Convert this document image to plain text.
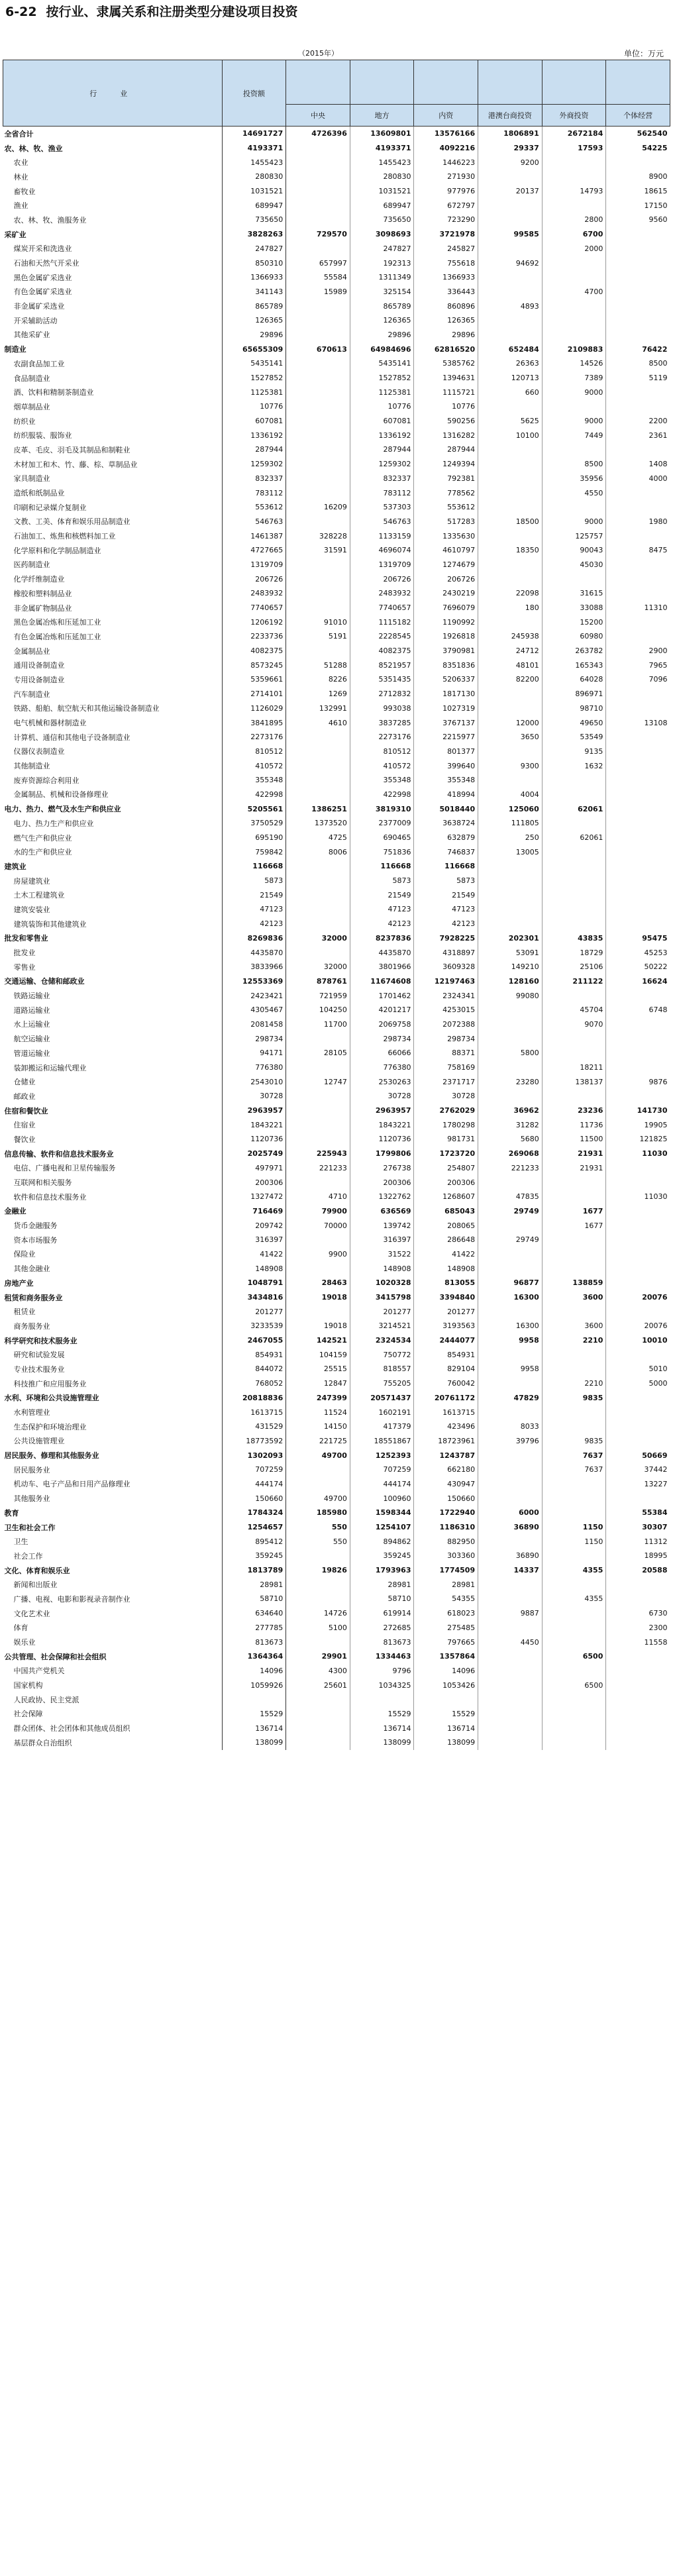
6-22 按行业、隶属关系和注册类型分建设项目投资
（2015年）	单位：万元
行　业	投资额						
		中央	地方	内资	港澳台商投资	外商投资	个体经营
全省合计	14691727	4726396	13609801	13576166	1806891	2672184	562540
农、林、牧、渔业	4193371		4193371	4092216	29337	17593	54225
农业	1455423		1455423	1446223	9200		
林业	280830		280830	271930			8900
畜牧业	1031521		1031521	977976	20137	14793	18615
渔业	689947		689947	672797			17150
农、林、牧、渔服务业	735650		735650	723290		2800	9560
采矿业	3828263	729570	3098693	3721978	99585	6700	
煤炭开采和洗选业	247827		247827	245827		2000	
石油和天然气开采业	850310	657997	192313	755618	94692		
黑色金属矿采选业	1366933	55584	1311349	1366933			
有色金属矿采选业	341143	15989	325154	336443		4700	
非金属矿采选业	865789		865789	860896	4893		
开采辅助活动	126365		126365	126365			
其他采矿业	29896		29896	29896			
制造业	65655309	670613	64984696	62816520	652484	2109883	76422
农副食品加工业	5435141		5435141	5385762	26363	14526	8500
食品制造业	1527852		1527852	1394631	120713	7389	5119
酒、饮料和精制茶制造业	1125381		1125381	1115721	660	9000	
烟草制品业	10776		10776	10776			
纺织业	607081		607081	590256	5625	9000	2200
纺织服装、服饰业	1336192		1336192	1316282	10100	7449	2361
皮革、毛皮、羽毛及其制品和制鞋业	287944		287944	287944			
木材加工和木、竹、藤、棕、草制品业	1259302		1259302	1249394		8500	1408
家具制造业	832337		832337	792381		35956	4000
造纸和纸制品业	783112		783112	778562		4550	
印刷和记录媒介复制业	553612	16209	537303	553612			
文教、工美、体育和娱乐用品制造业	546763		546763	517283	18500	9000	1980
石油加工、炼焦和核燃料加工业	1461387	328228	1133159	1335630		125757	
化学原料和化学制品制造业	4727665	31591	4696074	4610797	18350	90043	8475
医药制造业	1319709		1319709	1274679		45030	
化学纤维制造业	206726		206726	206726			
橡胶和塑料制品业	2483932		2483932	2430219	22098	31615	
非金属矿物制品业	7740657		7740657	7696079	180	33088	11310
黑色金属冶炼和压延加工业	1206192	91010	1115182	1190992		15200	
有色金属冶炼和压延加工业	2233736	5191	2228545	1926818	245938	60980	
金属制品业	4082375		4082375	3790981	24712	263782	2900
通用设备制造业	8573245	51288	8521957	8351836	48101	165343	7965
专用设备制造业	5359661	8226	5351435	5206337	82200	64028	7096
汽车制造业	2714101	1269	2712832	1817130		896971	
铁路、船舶、航空航天和其他运输设备制造业	1126029	132991	993038	1027319		98710	
电气机械和器材制造业	3841895	4610	3837285	3767137	12000	49650	13108
计算机、通信和其他电子设备制造业	2273176		2273176	2215977	3650	53549	
仪器仪表制造业	810512		810512	801377		9135	
其他制造业	410572		410572	399640	9300	1632	
废弃资源综合利用业	355348		355348	355348			
金属制品、机械和设备修理业	422998		422998	418994	4004		
电力、热力、燃气及水生产和供应业	5205561	1386251	3819310	5018440	125060	62061	
电力、热力生产和供应业	3750529	1373520	2377009	3638724	111805		
燃气生产和供应业	695190	4725	690465	632879	250	62061	
水的生产和供应业	759842	8006	751836	746837	13005		
建筑业	116668		116668	116668			
房屋建筑业	5873		5873	5873			
土木工程建筑业	21549		21549	21549			
建筑安装业	47123		47123	47123			
建筑装饰和其他建筑业	42123		42123	42123			
批发和零售业	8269836	32000	8237836	7928225	202301	43835	95475
批发业	4435870		4435870	4318897	53091	18729	45253
零售业	3833966	32000	3801966	3609328	149210	25106	50222
交通运输、仓储和邮政业	12553369	878761	11674608	12197463	128160	211122	16624
铁路运输业	2423421	721959	1701462	2324341	99080		
道路运输业	4305467	104250	4201217	4253015		45704	6748
水上运输业	2081458	11700	2069758	2072388		9070	
航空运输业	298734		298734	298734			
管道运输业	94171	28105	66066	88371	5800		
装卸搬运和运输代理业	776380		776380	758169		18211	
仓储业	2543010	12747	2530263	2371717	23280	138137	9876
邮政业	30728		30728	30728			
住宿和餐饮业	2963957		2963957	2762029	36962	23236	141730
住宿业	1843221		1843221	1780298	31282	11736	19905
餐饮业	1120736		1120736	981731	5680	11500	121825
信息传输、软件和信息技术服务业	2025749	225943	1799806	1723720	269068	21931	11030
电信、广播电视和卫星传输服务	497971	221233	276738	254807	221233	21931	
互联网和相关服务	200306		200306	200306			
软件和信息技术服务业	1327472	4710	1322762	1268607	47835		11030
金融业	716469	79900	636569	685043	29749	1677	
货币金融服务	209742	70000	139742	208065		1677	
资本市场服务	316397		316397	286648	29749		
保险业	41422	9900	31522	41422			
其他金融业	148908		148908	148908			
房地产业	1048791	28463	1020328	813055	96877	138859	
租赁和商务服务业	3434816	19018	3415798	3394840	16300	3600	20076
租赁业	201277		201277	201277			
商务服务业	3233539	19018	3214521	3193563	16300	3600	20076
科学研究和技术服务业	2467055	142521	2324534	2444077	9958	2210	10010
研究和试验发展	854931	104159	750772	854931			
专业技术服务业	844072	25515	818557	829104	9958		5010
科技推广和应用服务业	768052	12847	755205	760042		2210	5000
水利、环境和公共设施管理业	20818836	247399	20571437	20761172	47829	9835	
水利管理业	1613715	11524	1602191	1613715			
生态保护和环境治理业	431529	14150	417379	423496	8033		
公共设施管理业	18773592	221725	18551867	18723961	39796	9835	
居民服务、修理和其他服务业	1302093	49700	1252393	1243787		7637	50669
居民服务业	707259		707259	662180		7637	37442
机动车、电子产品和日用产品修理业	444174		444174	430947			13227
其他服务业	150660	49700	100960	150660			
教育	1784324	185980	1598344	1722940	6000		55384
卫生和社会工作	1254657	550	1254107	1186310	36890	1150	30307
卫生	895412	550	894862	882950		1150	11312
社会工作	359245		359245	303360	36890		18995
文化、体育和娱乐业	1813789	19826	1793963	1774509	14337	4355	20588
新闻和出版业	28981		28981	28981			
广播、电视、电影和影视录音制作业	58710		58710	54355		4355	
文化艺术业	634640	14726	619914	618023	9887		6730
体育	277785	5100	272685	275485			2300
娱乐业	813673		813673	797665	4450		11558
公共管理、社会保障和社会组织	1364364	29901	1334463	1357864		6500	
中国共产党机关	14096	4300	9796	14096			
国家机构	1059926	25601	1034325	1053426		6500	
人民政协、民主党派							
社会保障	15529		15529	15529			
群众团体、社会团体和其他成员组织	136714		136714	136714			
基层群众自治组织	138099		138099	138099			
